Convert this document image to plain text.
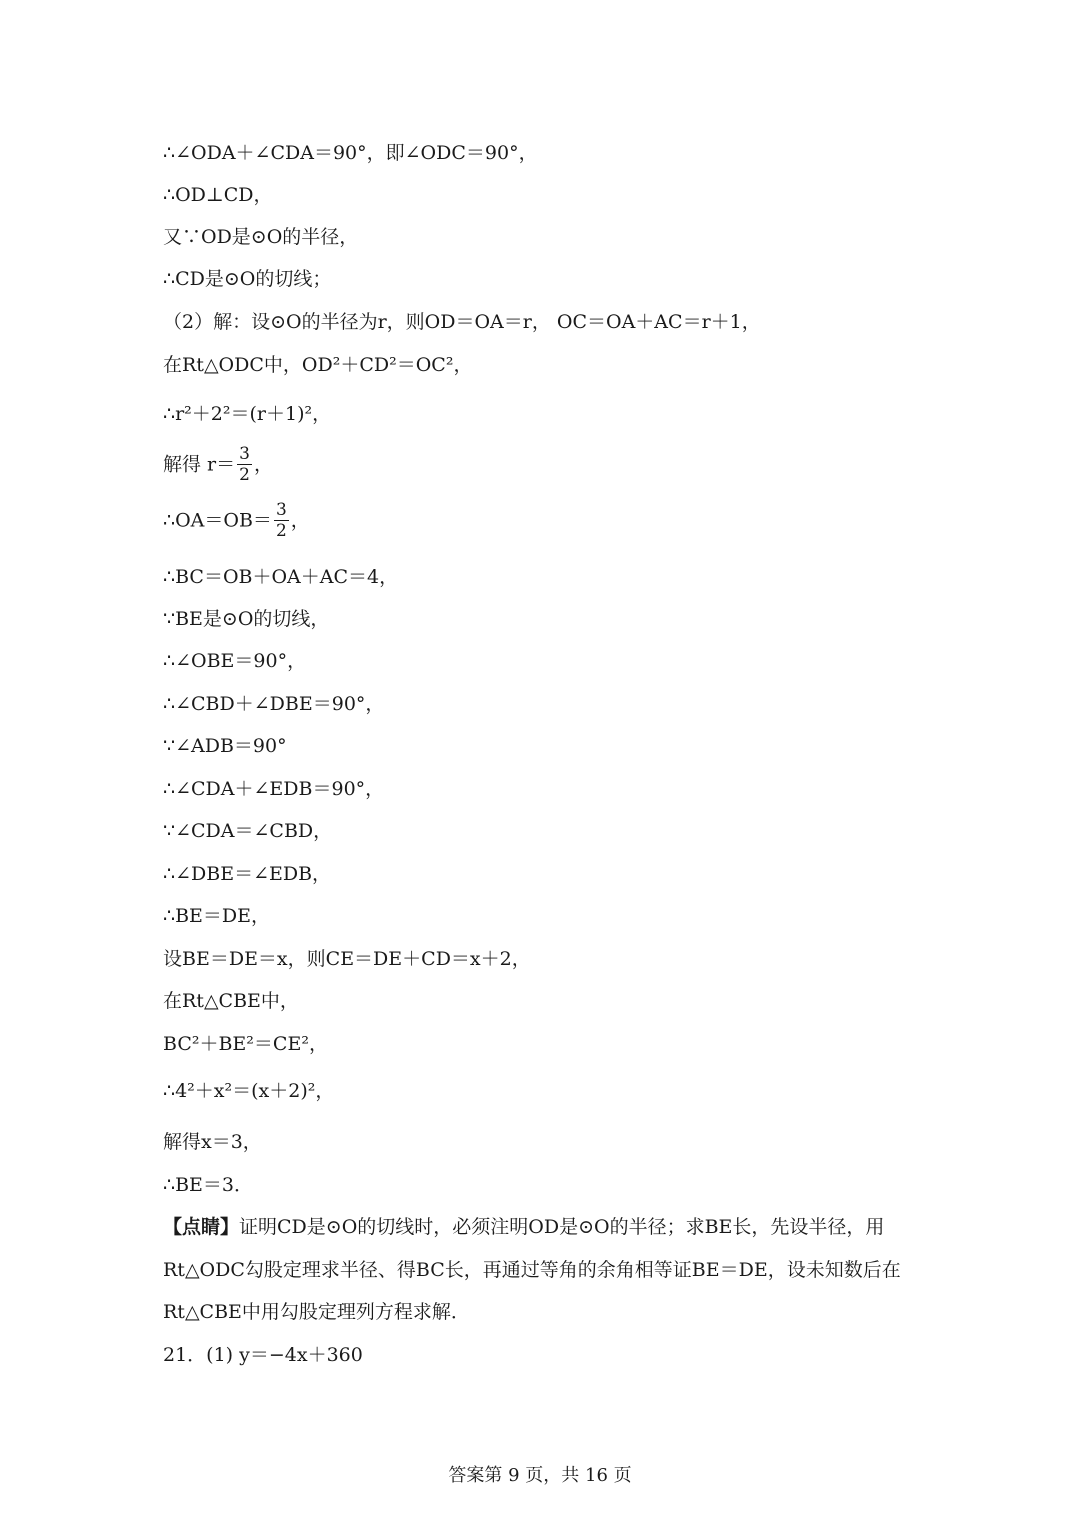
∴∠ODA＋∠CDA＝90°，即∠ODC＝90°，
∴OD⊥CD，
又∵OD是⊙O的半径，
∴CD是⊙O的切线；
（2）解：设⊙O的半径为r，则OD＝OA＝r， OC＝OA＋AC＝r＋1，
在Rt△ODC中，OD²＋CD²＝OC²，
∴r²＋2²＝(r＋1)²，
解得 $r= \frac{3}{2}$ ，
∴OA＝OB＝ $\frac{3}{2}$ ，
∴BC＝OB＋OA＋AC＝4，
∵BE是⊙O的切线，
∴∠OBE＝90°，
∴∠CBD＋∠DBE＝90°，
∵∠ADB＝90°
∴∠CDA＋∠EDB＝90°，
∵∠CDA＝∠CBD，
∴∠DBE＝∠EDB，
∴BE＝DE，
设BE＝DE＝x，则CE＝DE＋CD＝x＋2，
在Rt△CBE中，
BC²＋BE²＝CE²，
∴4²＋x²＝(x＋2)²，
解得x＝3，
∴BE＝3．
【点睛】证明CD是⊙O的切线时，必须注明OD是⊙O的半径；求BE长，先设半径，用
Rt△ODC勾股定理求半径、得BC长，再通过等角的余角相等证BE＝DE，设未知数后在
Rt△CBE中用勾股定理列方程求解．
21．(1) y＝−4x＋360
答案第 9 页，共 16 页
